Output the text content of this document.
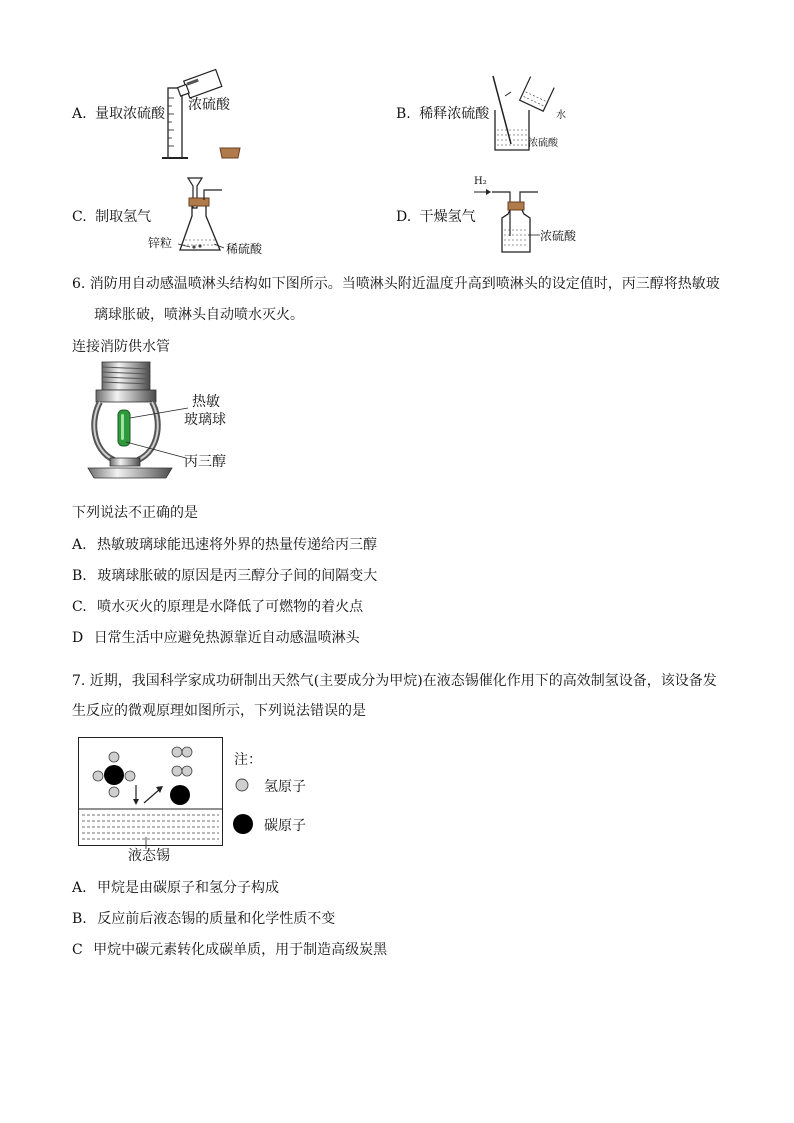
A. 量取浓硫酸
浓硫酸
B. 稀释浓硫酸	水
浓硫酸
C. 制取氢气
锌粒	稀硫酸
D. 干燥氢气
H₂
浓硫酸
6. 消防用自动感温喷淋头结构如下图所示。当喷淋头附近温度升高到喷淋头的设定值时，丙三醇将热敏玻
璃球胀破，喷淋头自动喷水灭火。
连接消防供水管
热敏
玻璃球
丙三醇
下列说法不正确的是
A. 热敏玻璃球能迅速将外界的热量传递给丙三醇
B. 玻璃球胀破的原因是丙三醇分子间的间隔变大
C. 喷水灭火的原理是水降低了可燃物的着火点
D 日常生活中应避免热源靠近自动感温喷淋头
7. 近期，我国科学家成功研制出天然气(主要成分为甲烷)在液态锡催化作用下的高效制氢设备，该设备发
生反应的微观原理如图所示，下列说法错误的是
液态锡
注：
氢原子
碳原子
A. 甲烷是由碳原子和氢分子构成
B. 反应前后液态锡的质量和化学性质不变
C 甲烷中碳元素转化成碳单质，用于制造高级炭黑
